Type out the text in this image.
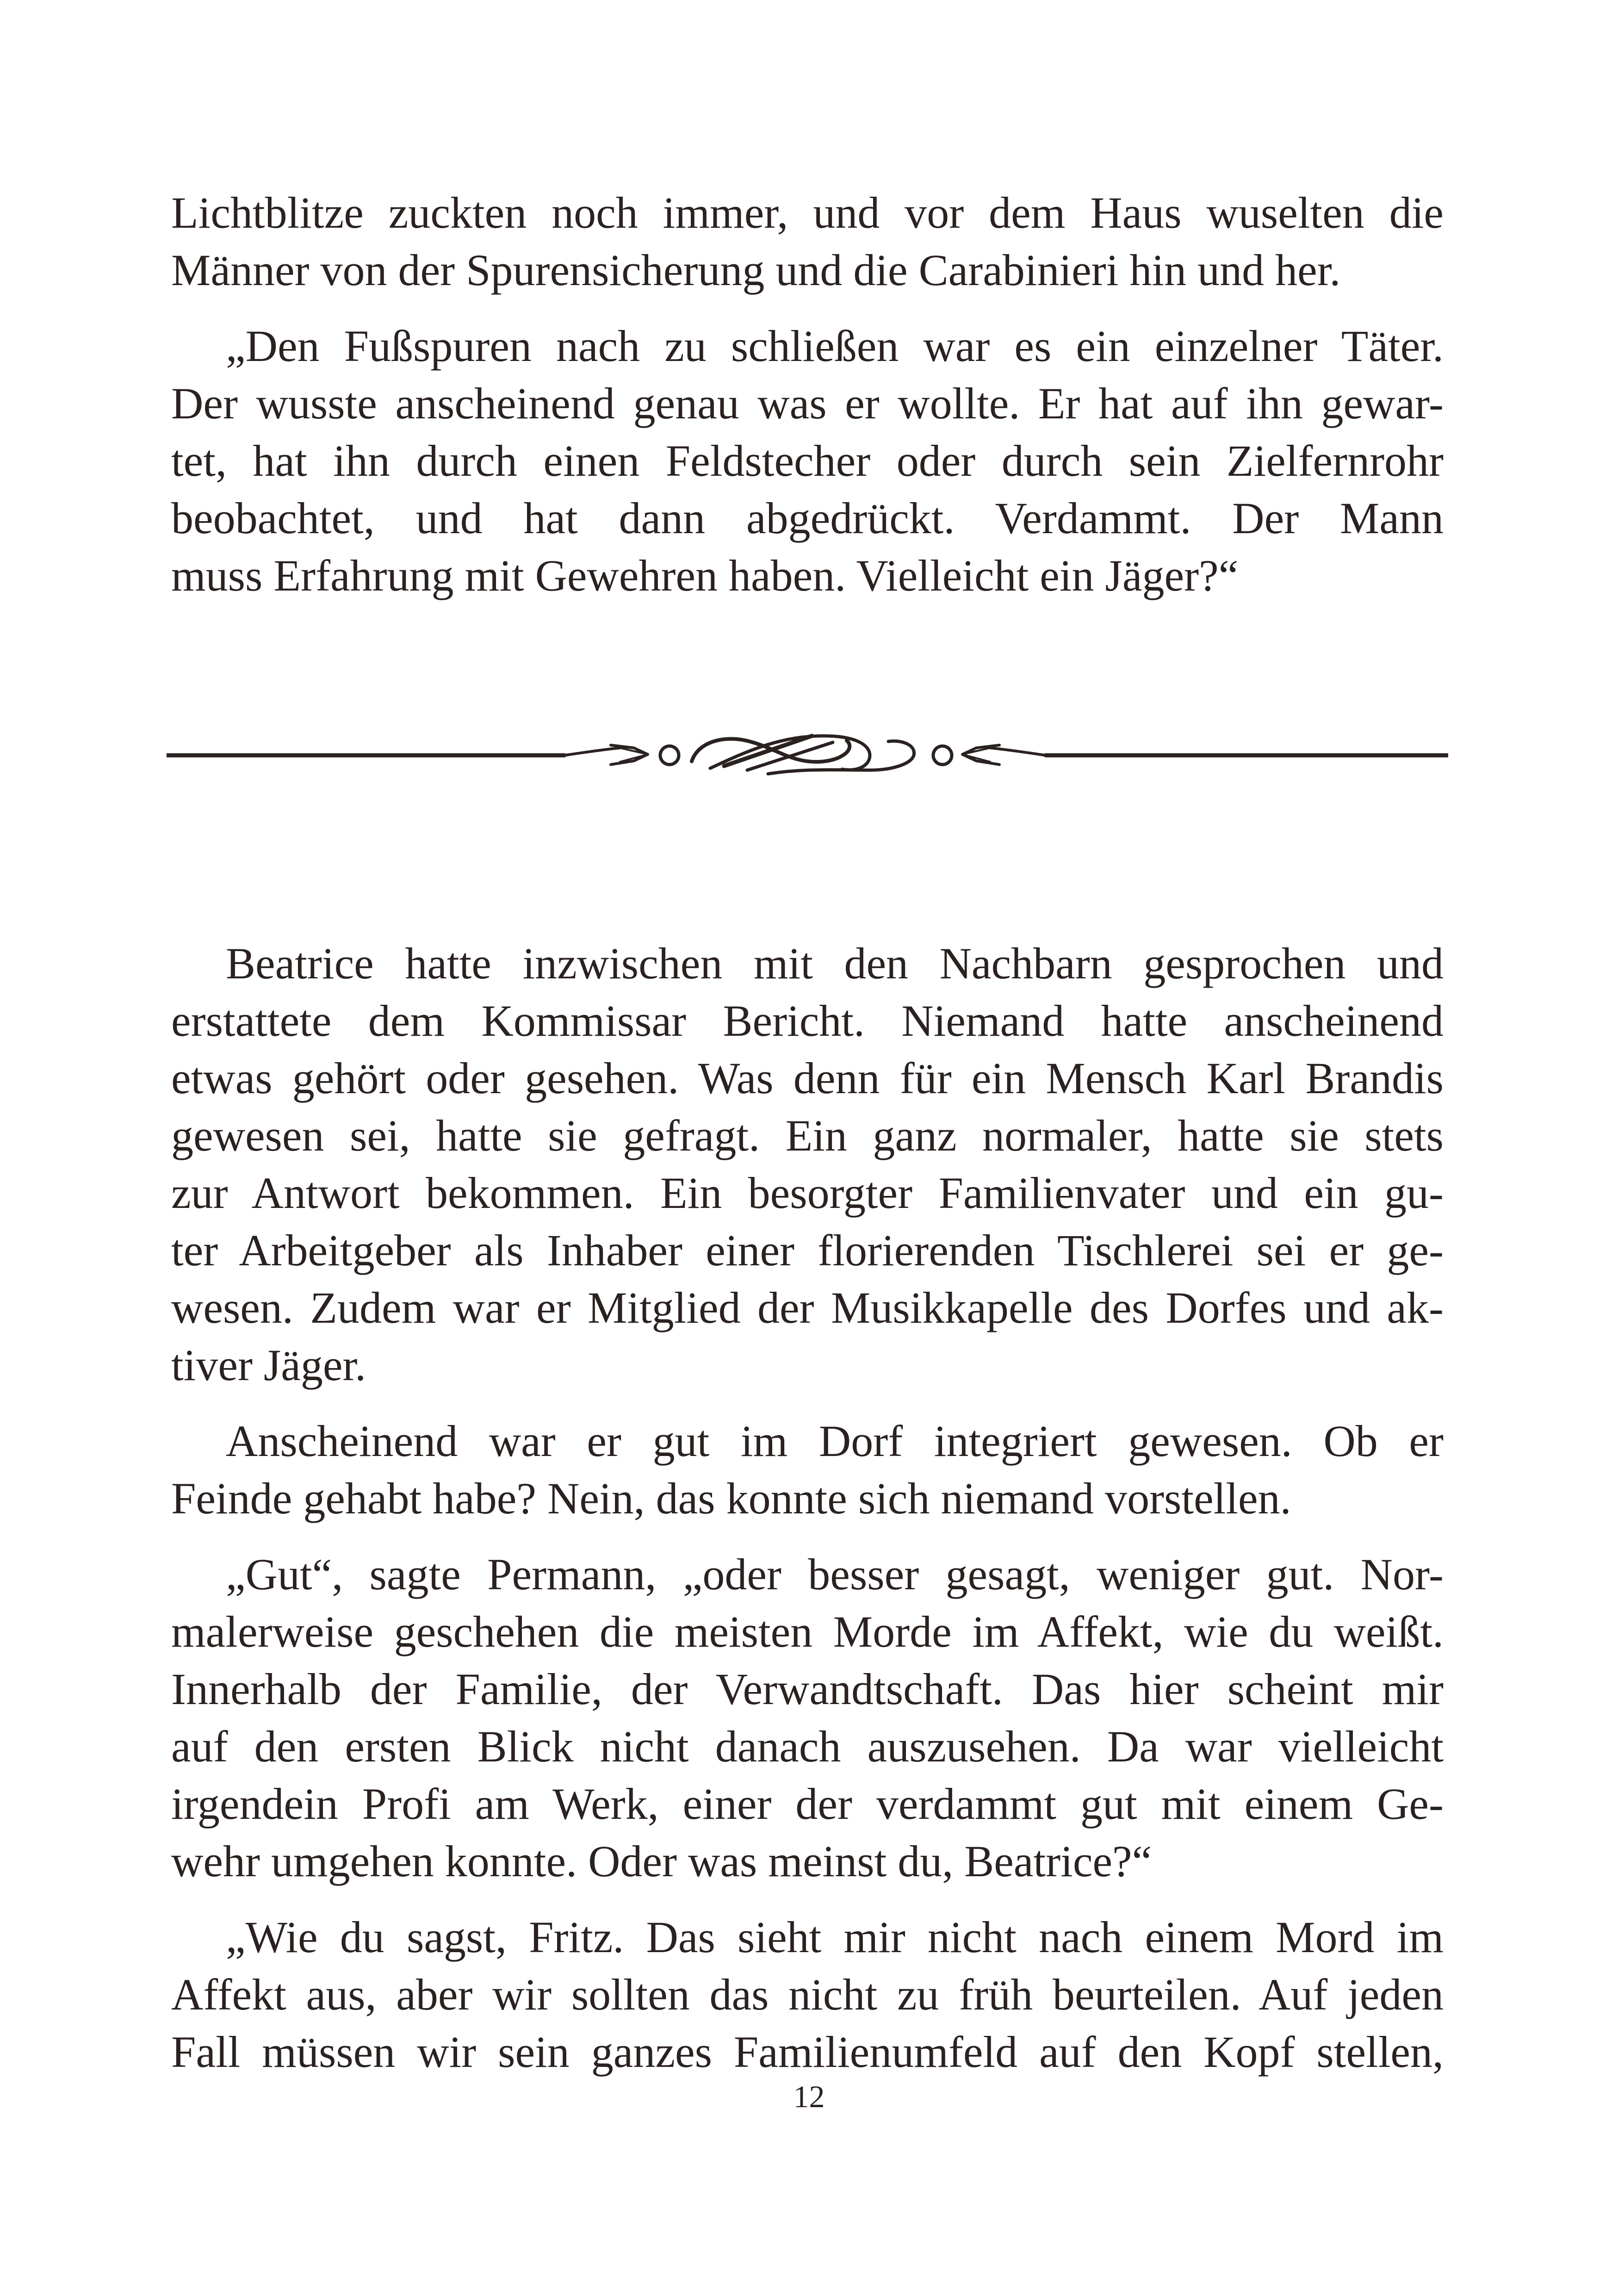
Lichtblitze zuckten noch immer, und vor dem Haus wuselten die
Männer von der Spurensicherung und die Carabinieri hin und her.

„Den Fußspuren nach zu schließen war es ein einzelner Täter.
Der wusste anscheinend genau was er wollte. Er hat auf ihn gewar-
tet, hat ihn durch einen Feldstecher oder durch sein Zielfernrohr
beobachtet, und hat dann abgedrückt. Verdammt. Der Mann
muss Erfahrung mit Gewehren haben. Vielleicht ein Jäger?“

Beatrice hatte inzwischen mit den Nachbarn gesprochen und
erstattete dem Kommissar Bericht. Niemand hatte anscheinend
etwas gehört oder gesehen. Was denn für ein Mensch Karl Brandis
gewesen sei, hatte sie gefragt. Ein ganz normaler, hatte sie stets
zur Antwort bekommen. Ein besorgter Familienvater und ein gu-
ter Arbeitgeber als Inhaber einer florierenden Tischlerei sei er ge-
wesen. Zudem war er Mitglied der Musikkapelle des Dorfes und ak-
tiver Jäger.

Anscheinend war er gut im Dorf integriert gewesen. Ob er
Feinde gehabt habe? Nein, das konnte sich niemand vorstellen.

„Gut“, sagte Permann, „oder besser gesagt, weniger gut. Nor-
malerweise geschehen die meisten Morde im Affekt, wie du weißt.
Innerhalb der Familie, der Verwandtschaft. Das hier scheint mir
auf den ersten Blick nicht danach auszusehen. Da war vielleicht
irgendein Profi am Werk, einer der verdammt gut mit einem Ge-
wehr umgehen konnte. Oder was meinst du, Beatrice?“

„Wie du sagst, Fritz. Das sieht mir nicht nach einem Mord im
Affekt aus, aber wir sollten das nicht zu früh beurteilen. Auf jeden
Fall müssen wir sein ganzes Familienumfeld auf den Kopf stellen,

12
